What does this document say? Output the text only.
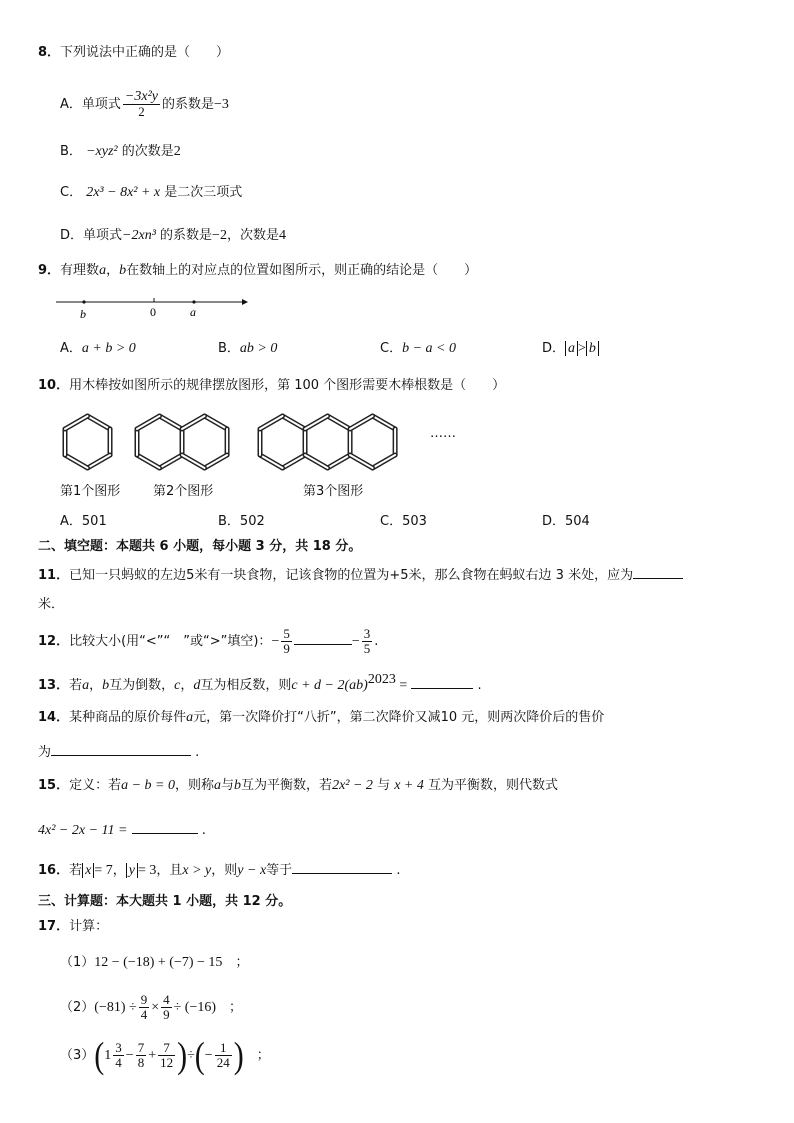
8．下列说法中正确的是（　　）
A．单项式 $\frac{\text{−3x²y}}{2}$ 的系数是−3
B． −xyz² 的次数是2
C． 2x³ − 8x² + x 是二次三项式
D．单项式−2xn³ 的系数是−2，次数是4
9．有理数a，b在数轴上的对应点的位置如图所示，则正确的结论是（　　）
b	0	a
A．a + b > 0	B．ab > 0	C．b − a < 0	D． a > b
10．用木棒按如图所示的规律摆放图形，第 100 个图形需要木棒根数是（　　）
……
第1个图形	第2个图形	第3个图形
A．501	B．502	C．503	D．504
二、填空题：本题共 6 小题，每小题 3 分，共 18 分。
11．已知一只蚂蚁的左边5米有一块食物，记该食物的位置为+5米，那么食物在蚂蚁右边 3 米处，应为
米．
12．比较大小(用“<”“　”或“>”填空)：− $\frac{5}{9}$	− $\frac{3}{5}$ .
13．若a，b互为倒数，c，d互为相反数，则c + d − 2(ab)$^{2023}$ =	.
14．某种商品的原价每件a元，第一次降价打“八折”，第二次降价又减10 元，则两次降价后的售价
为	.
15．定义：若a − b = 0，则称a与b互为平衡数，若2x² − 2 与 x + 4 互为平衡数，则代数式
4x² − 2x − 11 =	.
16．若 x = 7， y = 3，且x > y，则y − x等于	.
三、计算题：本大题共 1 小题，共 12 分。
17．计算：
（1）12 − (−18) + (−7) − 15　 ；
$(2)(-81) \div \frac{9}{4} \times \frac{4}{9} \div (-16)$　 ；
$(3)(1 \frac{3}{4} - \frac{7}{8} + \frac{7}{12}$ )÷(− $\frac{1}{24}$ )　 ；
